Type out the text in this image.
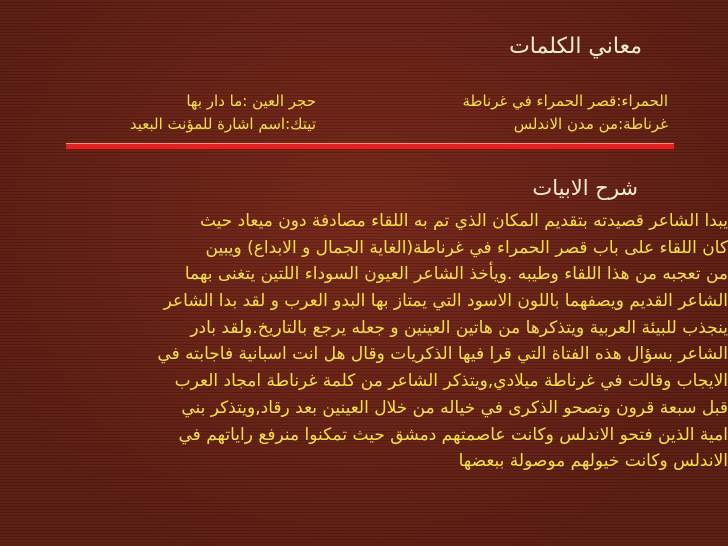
معاني الكلمات
الحمراء:قصر الحمراء في غرناطة
غرناطة:من مدن الاندلس
حجر العين :ما دار بها
تيتك:اسم اشارة للمؤنث البعيد
شرح الابيات
يبدا الشاعر قصيدته بتقديم المكان الذي تم به اللقاء مصادفة دون ميعاد حيث
كان اللقاء على باب قصر الحمراء في غرناطة(الغاية الجمال و الابداع) ويبين
من تعجبه من هذا اللقاء وطيبه .ويأخذ الشاعر العيون السوداء اللتين يتغنى بهما
الشاعر القديم ويصفهما باللون الاسود التي يمتاز بها البدو العرب و لقد بدا الشاعر
ينجذب للبيئة العربية ويتذكرها من هاتين العينين و جعله يرجع بالتاريخ.ولقد بادر
الشاعر بسؤال هذه الفتاة التي قرا فيها الذكريات وقال هل انت اسبانية فاجابته في
الايجاب وقالت في غرناطة ميلادي,ويتذكر الشاعر من كلمة غرناطة امجاد العرب
قبل سبعة قرون وتصحو الذكرى في خياله من خلال العينين بعد رقاد,ويتذكر بني
امية الذين فتحو الاندلس وكانت عاصمتهم دمشق حيث تمكنوا منرفع راياتهم في
الاندلس وكانت خيولهم موصولة ببعضها
